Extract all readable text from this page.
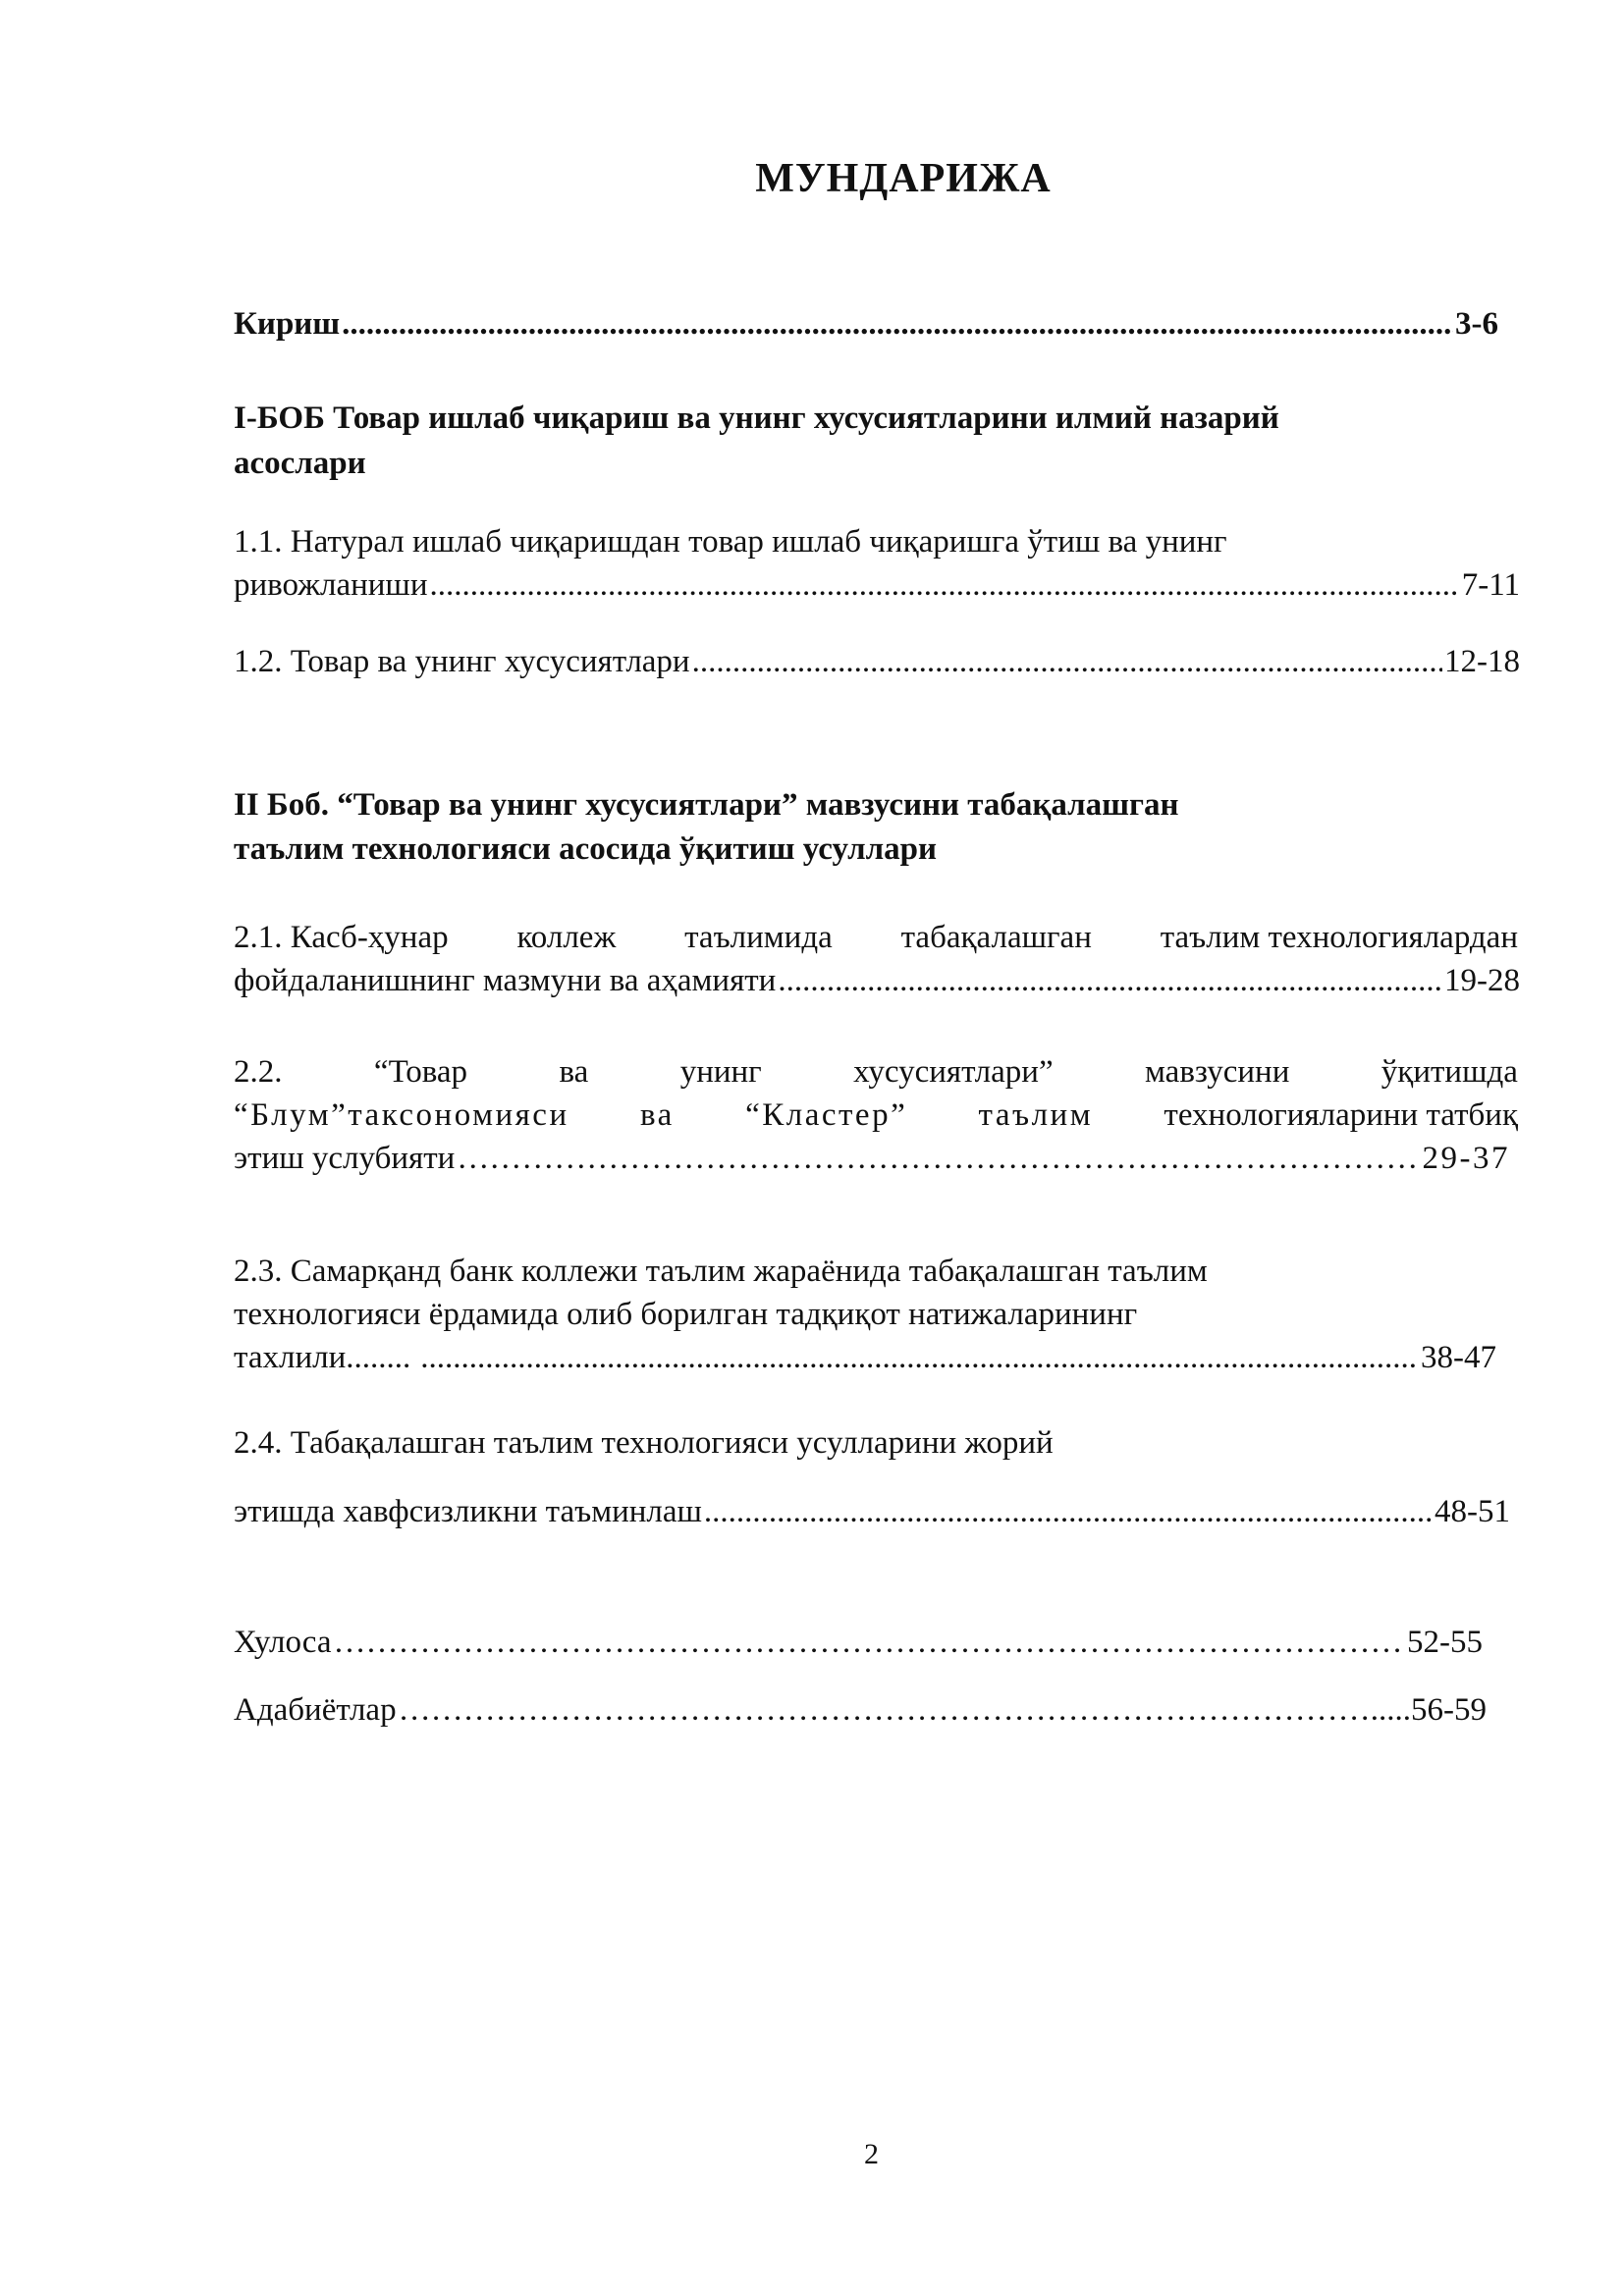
МУНДАРИЖА
Кириш .....	3-6
I-БОБ Товар ишлаб чиқариш ва унинг хусусиятларини илмий назарий
асослари
1.1. Натурал ишлаб чиқаришдан товар ишлаб чиқаришга ўтиш ва унинг
ривожланиши .....	7-11
1.2. Товар ва унинг хусусиятлари .....	12-18
II Боб. “Товар ва унинг хусусиятлари” мавзусини табақалашган
таълим технологияси асосида ўқитиш усуллари
2.1. Касб-ҳунар коллеж таълимида табақалашган таълим технологиялардан
фойдаланишнинг мазмуни ва аҳамияти .....	19-28
2.2.	“Товар	ва	унинг	хусусиятлари”	мавзусини	ўқитишда
“Блум”таксономияси ва “Кластер” таълим технологияларини татбиқ
этиш услубияти …………………………………………………………………………………………………………………………………………………………………………………………………………	29-37
2.3. Самарқанд банк коллежи таълим жараёнида табақалашган таълим
технологияси ёрдамида олиб борилган тадқиқот натижаларининг
тахлили........ .....	38-47
2.4. Табақалашган таълим технологияси усулларини жорий
этишда хавфсизликни таъминлаш .....	48-51
Хулоса …………………………………………………………………………………………………………………………………………………………………………………………………………	52-55
Адабиётлар …………………………………………………………………………………………………………………………………………………………………………………………………………	.....56-59
2
